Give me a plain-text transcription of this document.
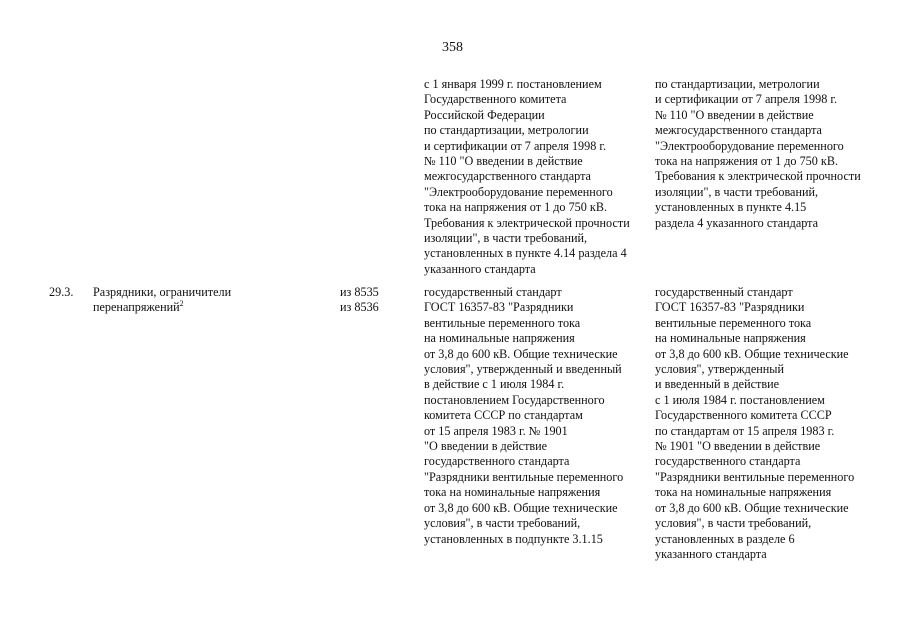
358
с 1 января 1999 г. постановлением
Государственного комитета
Российской Федерации
по стандартизации, метрологии
и сертификации от 7 апреля 1998 г.
№ 110 "О введении в действие
межгосударственного стандарта
"Электрооборудование переменного
тока на напряжения от 1 до 750 кВ.
Требования к электрической прочности
изоляции", в части требований,
установленных в пункте 4.14 раздела 4
указанного стандарта
по стандартизации, метрологии
и сертификации от 7 апреля 1998 г.
№ 110 "О введении в действие
межгосударственного стандарта
"Электрооборудование переменного
тока на напряжения от 1 до 750 кВ.
Требования к электрической прочности
изоляции", в части требований,
установленных в пункте 4.15
раздела 4 указанного стандарта
29.3. Разрядники, ограничители
перенапряжений$^2$
из 8535
из 8536
государственный стандарт
ГОСТ 16357-83 "Разрядники
вентильные переменного тока
на номинальные напряжения
от 3,8 до 600 кВ. Общие технические
условия", утвержденный и введенный
в действие с 1 июля 1984 г.
постановлением Государственного
комитета СССР по стандартам
от 15 апреля 1983 г. № 1901
"О введении в действие
государственного стандарта
"Разрядники вентильные переменного
тока на номинальные напряжения
от 3,8 до 600 кВ. Общие технические
условия", в части требований,
установленных в подпункте 3.1.15
государственный стандарт
ГОСТ 16357-83 "Разрядники
вентильные переменного тока
на номинальные напряжения
от 3,8 до 600 кВ. Общие технические
условия", утвержденный
и введенный в действие
с 1 июля 1984 г. постановлением
Государственного комитета СССР
по стандартам от 15 апреля 1983 г.
№ 1901 "О введении в действие
государственного стандарта
"Разрядники вентильные переменного
тока на номинальные напряжения
от 3,8 до 600 кВ. Общие технические
условия", в части требований,
установленных в разделе 6
указанного стандарта
